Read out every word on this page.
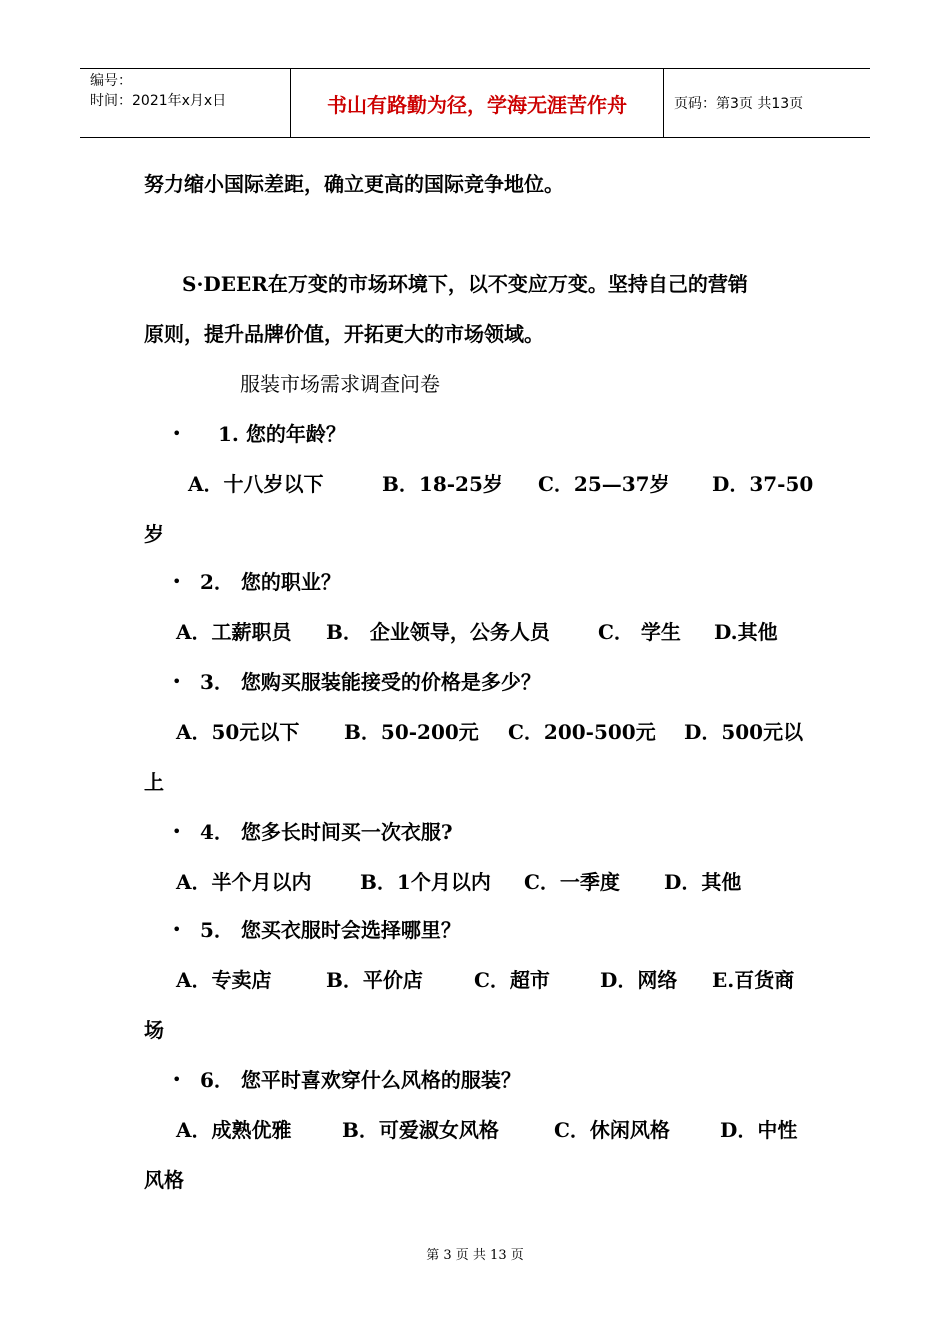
编号：
时间：2021年x月x日	书山有路勤为径，学海无涯苦作舟	页码：第3页 共13页
努力缩小国际差距，确立更高的国际竞争地位。
S·DEER在万变的市场环境下，以不变应万变。坚持自己的营销
原则，提升品牌价值，开拓更大的市场领域。
服装市场需求调查问卷
• 1. 您的年龄？
A．十八岁以下	B．18-25岁 C．25—37岁 D．37-50
岁
• 2． 您的职业？
A．工薪职员 B． 企业领导，公务人员 C． 学生 D.其他
• 3． 您购买服装能接受的价格是多少？
A．50元以下 B．50-200元 C．200-500元 D．500元以
上
• 4． 您多长时间买一次衣服?
A．半个月以内 B．1个月以内 C．一季度 D．其他
• 5． 您买衣服时会选择哪里？
A．专卖店	B．平价店	C．超市	D．网络 E.百货商
场
• 6． 您平时喜欢穿什么风格的服装？
A．成熟优雅	B．可爱淑女风格	C．休闲风格	D．中性
风格
第 3 页 共 13 页
